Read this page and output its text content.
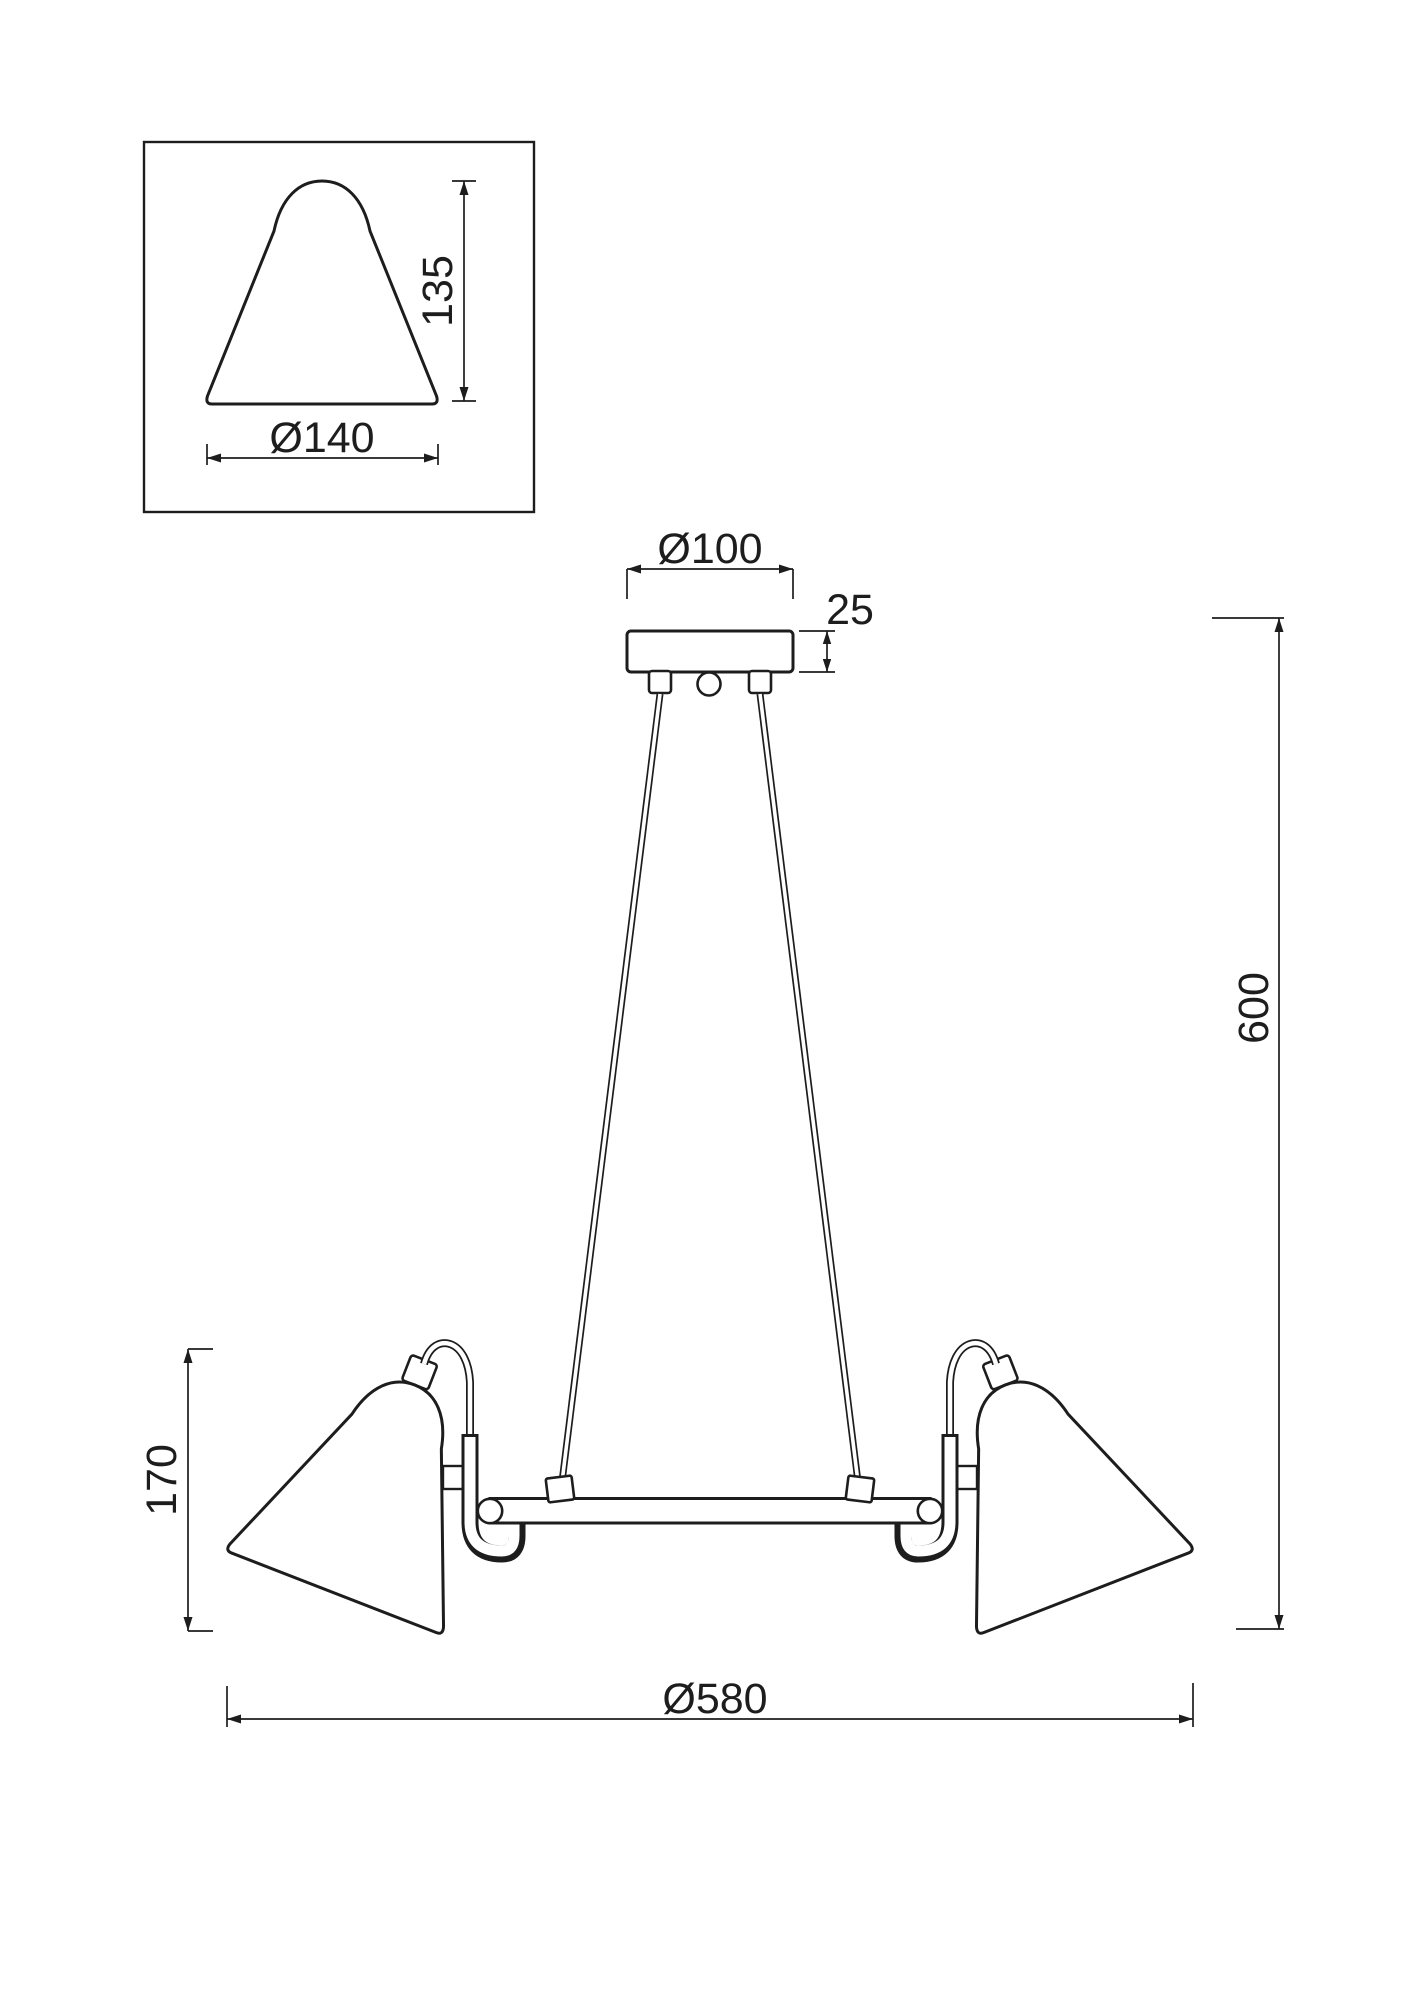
135
Ø140
Ø100
25
170
600
Ø580
